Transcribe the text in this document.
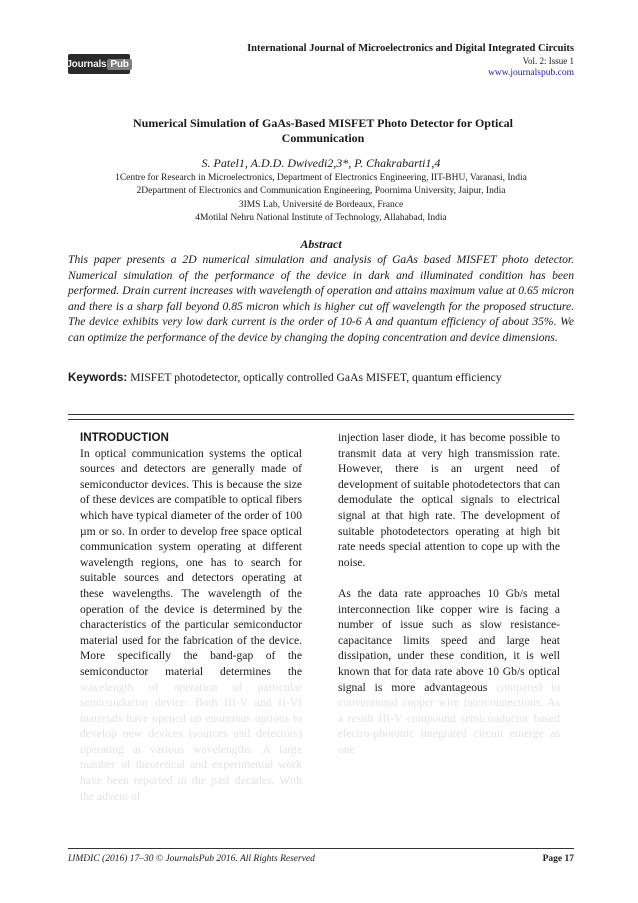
Journals Pub
International Journal of Microelectronics and Digital Integrated Circuits
Vol. 2: Issue 1
www.journalspub.com
Numerical Simulation of GaAs-Based MISFET Photo Detector for Optical
Communication
S. Patel1, A.D.D. Dwivedi2,3*, P. Chakrabarti1,4
1Centre for Research in Microelectronics, Department of Electronics Engineering, IIT-BHU, Varanasi, India
2Department of Electronics and Communication Engineering, Poornima University, Jaipur, India
3IMS Lab, Université de Bordeaux, France
4Motilal Nehru National Institute of Technology, Allahabad, India
Abstract
This paper presents a 2D numerical simulation and analysis of GaAs based MISFET photo detector. Numerical simulation of the performance of the device in dark and illuminated condition has been performed. Drain current increases with wavelength of operation and attains maximum value at 0.65 micron and there is a sharp fall beyond 0.85 micron which is higher cut off wavelength for the proposed structure. The device exhibits very low dark current is the order of 10-6 A and quantum efficiency of about 35%. We can optimize the performance of the device by changing the doping concentration and device dimensions.
Keywords: MISFET photodetector, optically controlled GaAs MISFET, quantum efficiency
INTRODUCTION

In optical communication systems the optical sources and detectors are generally made of semiconductor devices. This is because the size of these devices are compatible to optical fibers which have typical diameter of the order of 100 µm or so. In order to develop free space optical communication system operating at different wavelength regions, one has to search for suitable sources and detectors operating at these wavelengths. The wavelength of the operation of the device is determined by the characteristics of the particular semiconductor material used for the fabrication of the device. More specifically the band-gap of the semiconductor material determines the wavelength of operation of particular semiconductor device. Both III-V and II-VI materials have opened up enormous options to develop new devices (sources and detectors) operating at various wavelengths. A large number of theoretical and experimental work have been reported in the past decades. With the advent of

injection laser diode, it has become possible to transmit data at very high transmission rate. However, there is an urgent need of development of suitable photodetectors that can demodulate the optical signals to electrical signal at that high rate. The development of suitable photodetectors operating at high bit rate needs special attention to cope up with the noise.

As the data rate approaches 10 Gb/s metal interconnection like copper wire is facing a number of issue such as slow resistance-capacitance limits speed and large heat dissipation, under these condition, it is well known that for data rate above 10 Gb/s optical signal is more advantageous compared to conventional copper wire interconnections. As a result III-V compound semiconductor based electro-photonic integrated circuit emerge as one

IJMDIC (2016) 17–30 © JournalsPub 2016. All Rights Reserved	Page 17
